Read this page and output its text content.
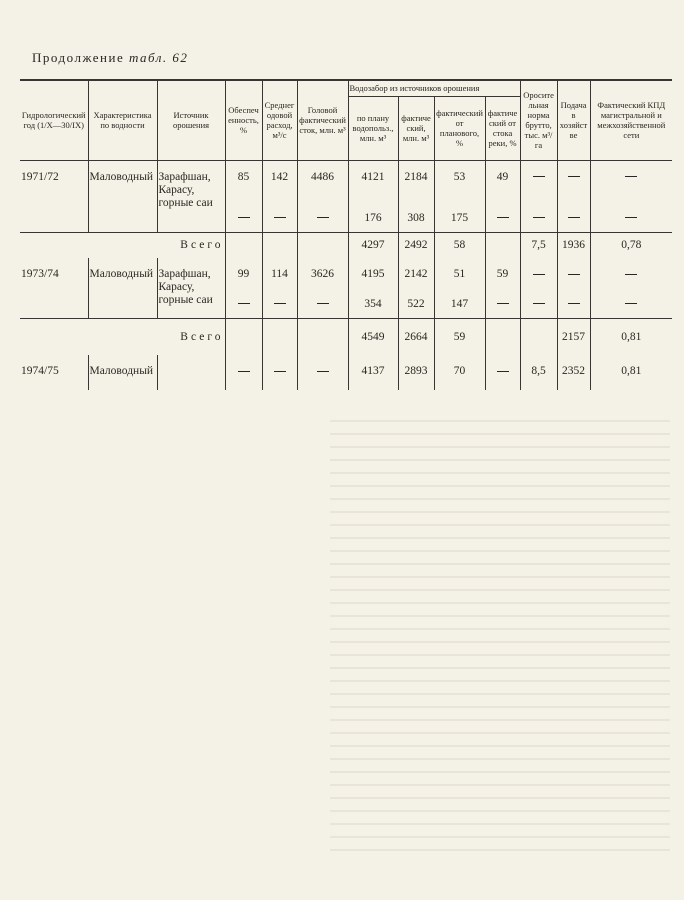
Продолжение табл. 62
Гидрологический год (1/X—30/IX)	Характеристика по водности	Источник орошения	Обеспеченность, %	Среднегодовой расход, м³/с	Головой фактический сток, млн. м³	Водозабор из источников орошения				Оросительная норма брутто, тыс. м³/га	Подача в хозяйстве	Фактический КПД магистральной и межхозяйственной сети
						по плану водопольз., млн. м³	фактический, млн. м³	фактический от планового, %	фактический от стока реки, %			
1971/72	Маловодный	Зарафшан, Карасу, горные саи	85	142	4486	4121	2184	53	49			
						176	308	175				
Всего						4297	2492	58		7,5	1936	0,78
1973/74	Маловодный	Зарафшан, Карасу, горные саи	99	114	3626	4195	2142	51	59			
						354	522	147				
Всего						4549	2664	59			2157	0,81
1974/75	Маловодный					4137	2893	70		8,5	2352	0,81
